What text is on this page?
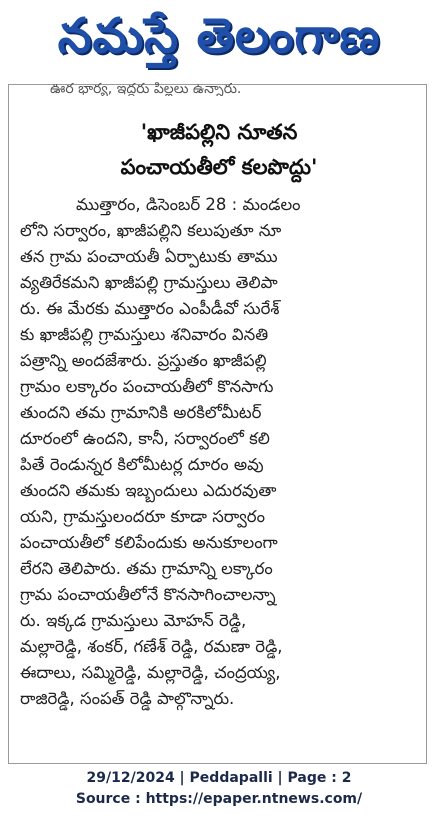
నమస్తే తెలంగాణ
ఊర భార్య, ఇద్దరు పిల్లలు ఉన్నారు.
'ఖాజీపల్లిని నూతన
పంచాయతీలో కలపొద్దు'
ముత్తారం, డిసెంబర్ 28 : మండలం
లోని సర్వారం, ఖాజీపల్లిని కలుపుతూ నూ
తన గ్రామ పంచాయతీ ఏర్పాటుకు తాము
వ్యతిరేకమని ఖాజీపల్లి గ్రామస్తులు తెలిపా
రు. ఈ మేరకు ముత్తారం ఎంపీడీవో సురేశ్
కు ఖాజీపల్లి గ్రామస్తులు శనివారం వినతి
పత్రాన్ని అందజేశారు. ప్రస్తుతం ఖాజీపల్లి
గ్రామం లక్కారం పంచాయతీలో కొనసాగు
తుందని తమ గ్రామానికి అరకిలోమీటర్
దూరంలో ఉందని, కానీ, సర్వారంలో కలి
పితే రెండున్నర కిలోమీటర్ల దూరం అవు
తుందని తమకు ఇబ్బందులు ఎదురవుతా
యని, గ్రామస్తులందరూ కూడా సర్వారం
పంచాయతీలో కలిపేందుకు అనుకూలంగా
లేరని తెలిపారు. తమ గ్రామాన్ని లక్కారం
గ్రామ పంచాయతీలోనే కొనసాగించాలన్నా
రు. ఇక్కడ గ్రామస్తులు మోహన్ రెడ్డి,
మల్లారెడ్డి, శంకర్, గణేశ్ రెడ్డి, రమణా రెడ్డి,
ఈదాలు, సమ్మిరెడ్డి, మల్లారెడ్డి, చంద్రయ్య,
రాజిరెడ్డి, సంపత్ రెడ్డి పాల్గొన్నారు.
29/12/2024 | Peddapalli | Page : 2
Source : https://epaper.ntnews.com/
